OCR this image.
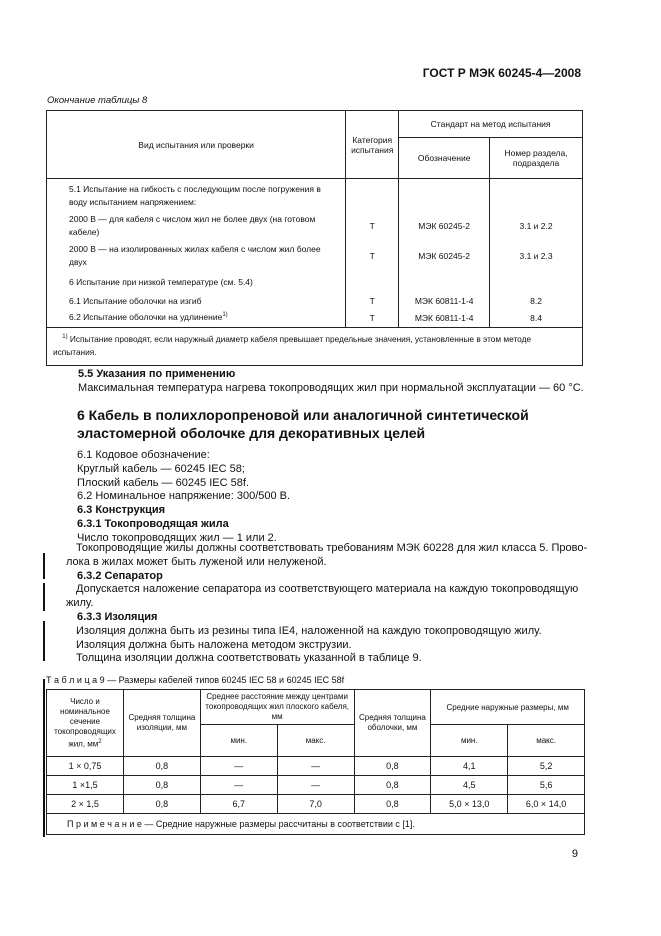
ГОСТ Р МЭК 60245-4—2008
Окончание таблицы 8
Вид испытания или проверки	Категория испытания	Стандарт на метод испытания	
		Обозначение	Номер раздела, подраздела
5.1 Испытание на гибкость с последующим после погружения в воду испытанием напряжением:			
2000 В — для кабеля с числом жил не более двух (на готовом кабеле)	Т	МЭК 60245-2	3.1 и 2.2
2000 В — на изолированных жилах кабеля с числом жил более двух	Т	МЭК 60245-2	3.1 и 2.3
6 Испытание при низкой температуре (см. 5.4)			
6.1 Испытание оболочки на изгиб	Т	МЭК 60811-1-4	8.2
6.2 Испытание оболочки на удлинение$^{1)}$	Т	МЭК 60811-1-4	8.4
$^{1)}$ Испытание проводят, если наружный диаметр кабеля превышает предельные значения, установленные в этом методе испытания.			
5.5 Указания по применению
Максимальная температура нагрева токопроводящих жил при нормальной эксплуатации — 60 °С.
6 Кабель в полихлоропреновой или аналогичной синтетической
эластомерной оболочке для декоративных целей
6.1 Кодовое обозначение:
Круглый кабель — 60245 IEC 58;
Плоский кабель — 60245 IEC 58f.
6.2 Номинальное напряжение: 300/500 В.
6.3 Конструкция
6.3.1 Токопроводящая жила
Число токопроводящих жил — 1 или 2.
Токопроводящие жилы должны соответствовать требованиям МЭК 60228 для жил класса 5. Прово-
лока в жилах может быть луженой или нелуженой.
6.3.2 Сепаратор
Допускается наложение сепаратора из соответствующего материала на каждую токопроводящую
жилу.
6.3.3 Изоляция
Изоляция должна быть из резины типа IE4, наложенной на каждую токопроводящую жилу.
Изоляция должна быть наложена методом экструзии.
Толщина изоляции должна соответствовать указанной в таблице 9.
Т а б л и ц а 9 — Размеры кабелей типов 60245 IEC 58 и 60245 IEC 58f
Число и номинальное сечение токопроводящих жил, $мм^2$	Средняя толщина изоляции, мм	Среднее расстояние между центрами токопроводящих жил плоского кабеля, мм		Средняя толщина оболочки, мм	Средние наружные размеры, мм	
		мин.	макс.		мин.	макс.
1 × 0,75	0,8	—	—	0,8	4,1	5,2
1 ×1,5	0,8	—	—	0,8	4,5	5,6
2 × 1,5	0,8	6,7	7,0	0,8	5,0 × 13,0	6,0 × 14,0
П р и м е ч а н и е — Средние наружные размеры рассчитаны в соответствии с [1].						
9
